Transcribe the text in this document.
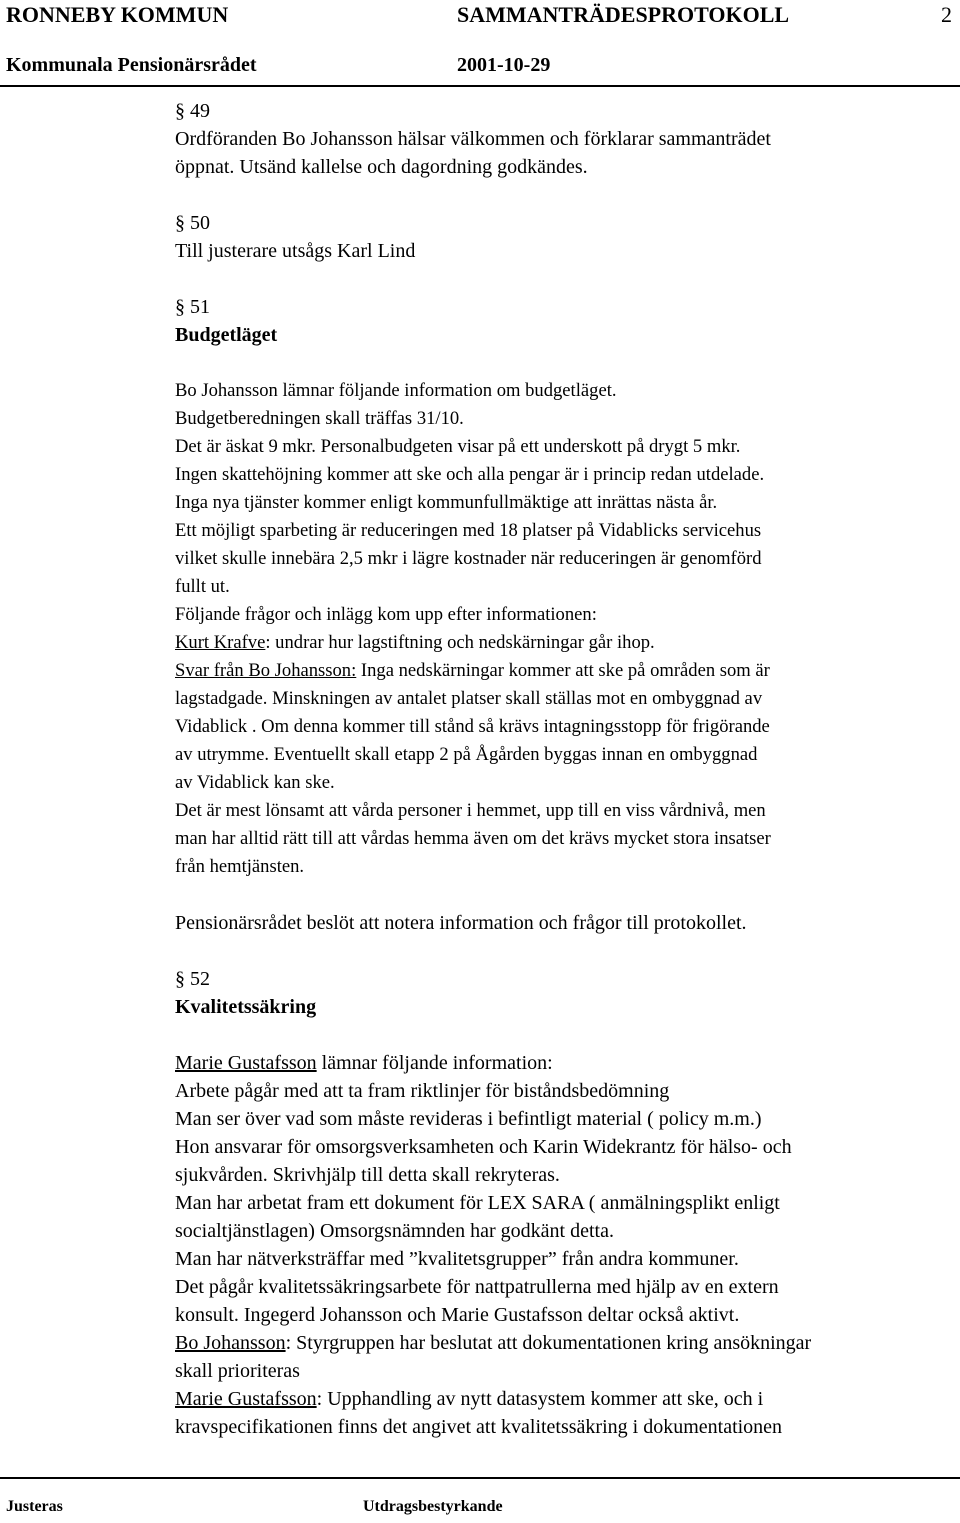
RONNEBY KOMMUN	SAMMANTRÄDESPROTOKOLL	2
Kommunala Pensionärsrådet	2001-10-29

§ 49

Ordföranden Bo Johansson hälsar välkommen och förklarar sammanträdet

öppnat. Utsänd kallelse och dagordning godkändes.

§ 50

Till justerare utsågs Karl Lind

§ 51

Budgetläget

Bo Johansson lämnar följande information om budgetläget.

Budgetberedningen skall träffas 31/10.

Det är äskat 9 mkr. Personalbudgeten visar på ett underskott på drygt 5 mkr.

Ingen skattehöjning kommer att ske och alla pengar är i princip redan utdelade.

Inga nya tjänster kommer enligt kommunfullmäktige att inrättas nästa år.

Ett möjligt sparbeting är reduceringen med 18 platser på Vidablicks servicehus

vilket skulle innebära 2,5 mkr i lägre kostnader när reduceringen är genomförd

fullt ut.

Följande frågor och inlägg kom upp efter informationen:

Kurt Krafve: undrar hur lagstiftning och nedskärningar går ihop.

Svar från Bo Johansson: Inga nedskärningar kommer att ske på områden som är

lagstadgade. Minskningen av antalet platser skall ställas mot en ombyggnad av

Vidablick . Om denna kommer till stånd så krävs intagningsstopp för frigörande

av utrymme. Eventuellt skall etapp 2 på Ågården byggas innan en ombyggnad

av Vidablick kan ske.

Det är mest lönsamt att vårda personer i hemmet, upp till en viss vårdnivå, men

man har alltid rätt till att vårdas hemma även om det krävs mycket stora insatser

från hemtjänsten.

Pensionärsrådet beslöt att notera information och frågor till protokollet.

§ 52

Kvalitetssäkring

Marie Gustafsson lämnar följande information:

Arbete pågår med att ta fram riktlinjer för biståndsbedömning

Man ser över vad som måste revideras i befintligt material ( policy m.m.)

Hon ansvarar för omsorgsverksamheten och Karin Widekrantz för hälso- och

sjukvården. Skrivhjälp till detta skall rekryteras.

Man har arbetat fram ett dokument för LEX SARA ( anmälningsplikt enligt

socialtjänstlagen) Omsorgsnämnden har godkänt detta.

Man har nätverksträffar med ”kvalitetsgrupper” från andra kommuner.

Det pågår kvalitetssäkringsarbete för nattpatrullerna med hjälp av en extern

konsult. Ingegerd Johansson och Marie Gustafsson deltar också aktivt.

Bo Johansson: Styrgruppen har beslutat att dokumentationen kring ansökningar

skall prioriteras

Marie Gustafsson: Upphandling av nytt datasystem kommer att ske, och i

kravspecifikationen finns det angivet att kvalitetssäkring i dokumentationen

Justeras	Utdragsbestyrkande
